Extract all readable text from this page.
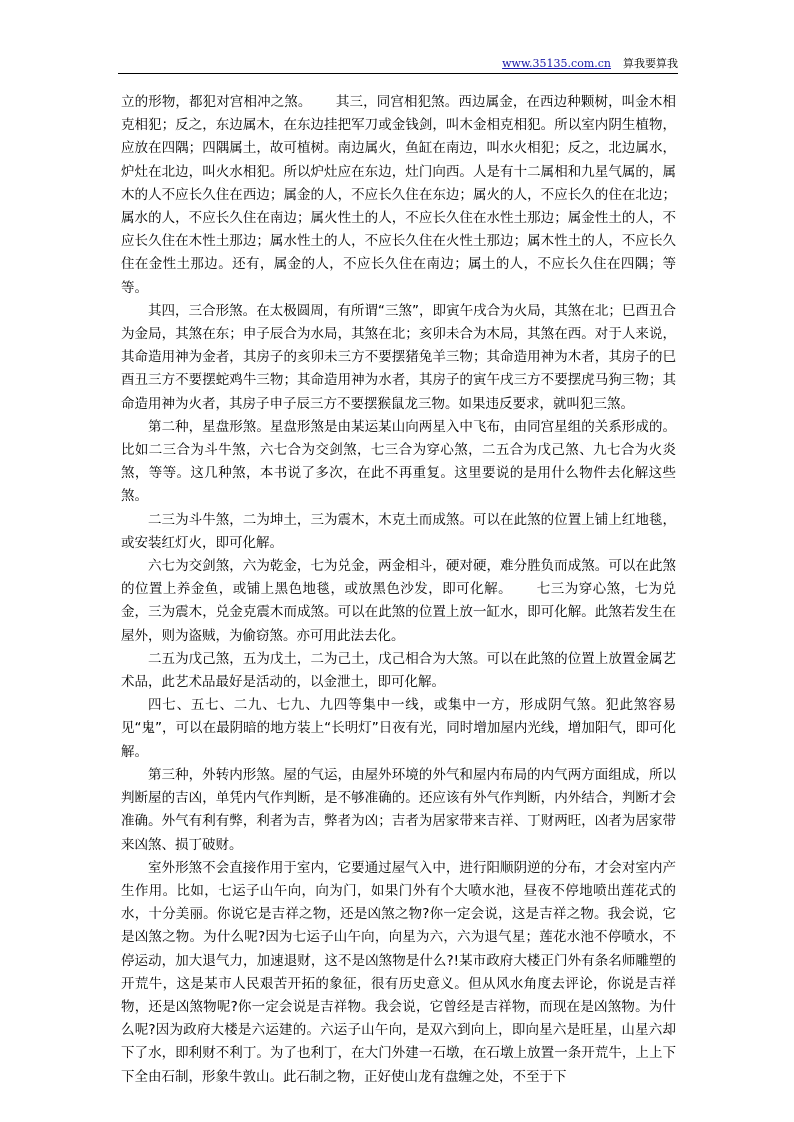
www.35135.com.cn 算我要算我

立的形物，都犯对宫相冲之煞。 其三，同宫相犯煞。西边属金，在西边种颗树，叫金木相克相犯；反之，东边属木，在东边挂把军刀或金钱剑，叫木金相克相犯。所以室内阴生植物，应放在四隅；四隅属土，故可植树。南边属火，鱼缸在南边，叫水火相犯；反之，北边属水，炉灶在北边，叫火水相犯。所以炉灶应在东边，灶门向西。人是有十二属相和九星气属的，属木的人不应长久住在西边；属金的人，不应长久住在东边；属火的人，不应长久的住在北边；属水的人，不应长久住在南边；属火性土的人，不应长久住在水性土那边；属金性土的人，不应长久住在木性土那边；属水性土的人，不应长久住在火性土那边；属木性土的人，不应长久住在金性土那边。还有，属金的人，不应长久住在南边；属土的人，不应长久住在四隅；等等。

其四，三合形煞。在太极圆周，有所谓“三煞”，即寅午戌合为火局，其煞在北；巳酉丑合为金局，其煞在东；申子辰合为水局，其煞在北；亥卯未合为木局，其煞在西。对于人来说，其命造用神为金者，其房子的亥卯未三方不要摆猪兔羊三物；其命造用神为木者，其房子的巳酉丑三方不要摆蛇鸡牛三物；其命造用神为水者，其房子的寅午戌三方不要摆虎马狗三物；其命造用神为火者，其房子申子辰三方不要摆猴鼠龙三物。如果违反要求，就叫犯三煞。

第二种，星盘形煞。星盘形煞是由某运某山向两星入中飞布，由同宫星组的关系形成的。比如二三合为斗牛煞，六七合为交剑煞，七三合为穿心煞，二五合为戊己煞、九七合为火炎煞，等等。这几种煞，本书说了多次，在此不再重复。这里要说的是用什么物件去化解这些煞。

二三为斗牛煞，二为坤土，三为震木，木克土而成煞。可以在此煞的位置上铺上红地毯，或安装红灯火，即可化解。

六七为交剑煞，六为乾金，七为兑金，两金相斗，硬对硬，难分胜负而成煞。可以在此煞的位置上养金鱼，或铺上黑色地毯，或放黑色沙发，即可化解。 七三为穿心煞，七为兑金，三为震木，兑金克震木而成煞。可以在此煞的位置上放一缸水，即可化解。此煞若发生在屋外，则为盗贼，为偷窃煞。亦可用此法去化。

二五为戊己煞，五为戊土，二为己土，戊己相合为大煞。可以在此煞的位置上放置金属艺术品，此艺术品最好是活动的，以金泄土，即可化解。

四七、五七、二九、七九、九四等集中一线，或集中一方，形成阴气煞。犯此煞容易见“鬼”，可以在最阴暗的地方装上“长明灯”日夜有光，同时增加屋内光线，增加阳气，即可化解。

第三种，外转内形煞。屋的气运，由屋外环境的外气和屋内布局的内气两方面组成，所以判断屋的吉凶，单凭内气作判断，是不够准确的。还应该有外气作判断，内外结合，判断才会准确。外气有利有弊，利者为吉，弊者为凶；吉者为居家带来吉祥、丁财两旺，凶者为居家带来凶煞、损丁破财。

室外形煞不会直接作用于室内，它要通过屋气入中，进行阳顺阴逆的分布，才会对室内产生作用。比如，七运子山午向，向为门，如果门外有个大喷水池，昼夜不停地喷出莲花式的水，十分美丽。你说它是吉祥之物，还是凶煞之物?你一定会说，这是吉祥之物。我会说，它是凶煞之物。为什么呢?因为七运子山午向，向星为六，六为退气星；莲花水池不停喷水，不停运动，加大退气力，加速退财，这不是凶煞物是什么?!某市政府大楼正门外有条名师雕塑的开荒牛，这是某市人民艰苦开拓的象征，很有历史意义。但从风水角度去评论，你说是吉祥物，还是凶煞物呢?你一定会说是吉祥物。我会说，它曾经是吉祥物，而现在是凶煞物。为什么呢?因为政府大楼是六运建的。六运子山午向，是双六到向上，即向星六是旺星，山星六却下了水，即利财不利丁。为了也利丁，在大门外建一石墩，在石墩上放置一条开荒牛，上上下下全由石制，形象牛敦山。此石制之物，正好使山龙有盘缠之处，不至于下
